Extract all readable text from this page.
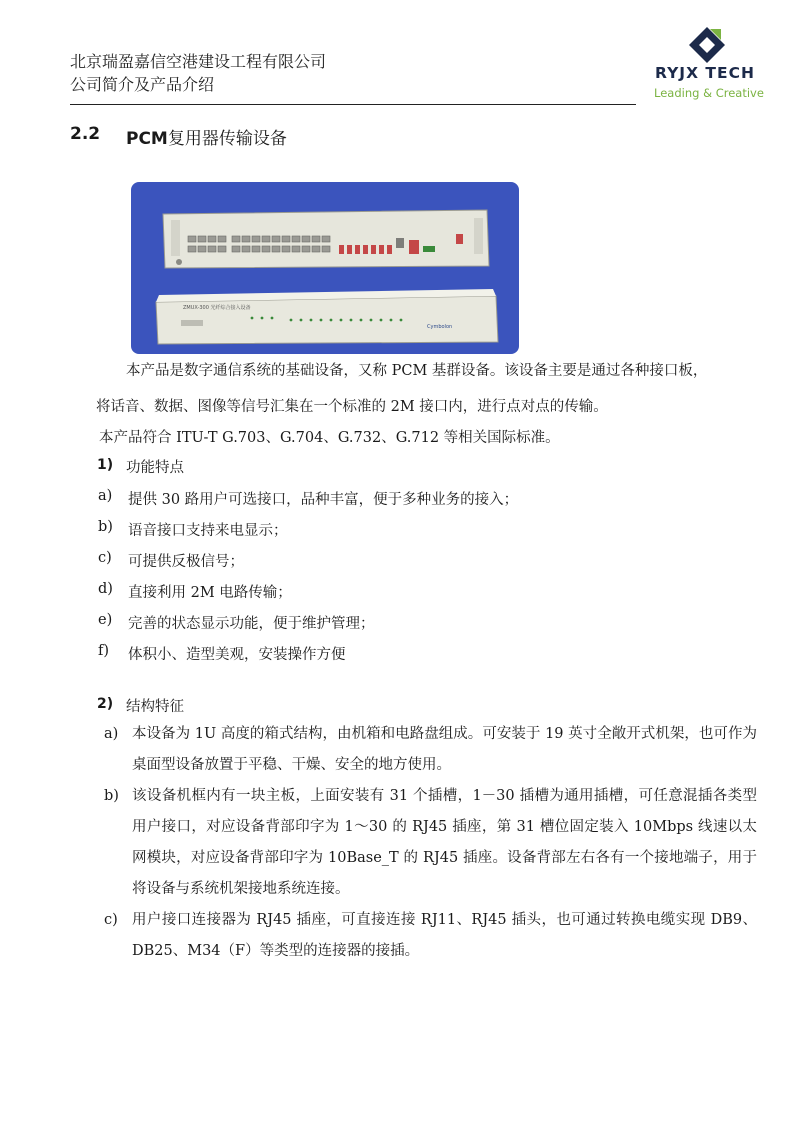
北京瑞盈嘉信空港建设工程有限公司
公司简介及产品介绍
RYJX TECH
Leading & Creative
2.2 PCM复用器传输设备
ZMUX-300 光纤综合接入设备
Cymbolon
本产品是数字通信系统的基础设备，又称 PCM 基群设备。该设备主要是通过各种接口板，
将话音、数据、图像等信号汇集在一个标准的 2M 接口内，进行点对点的传输。
本产品符合 ITU-T G.703、G.704、G.732、G.712 等相关国际标准。
1) 功能特点
a) 提供 30 路用户可选接口，品种丰富，便于多种业务的接入；
b) 语音接口支持来电显示；
c) 可提供反极信号；
d) 直接利用 2M 电路传输；
e) 完善的状态显示功能，便于维护管理；
f) 体积小、造型美观，安装操作方便
2) 结构特征
a) 本设备为 1U 高度的箱式结构，由机箱和电路盘组成。可安装于 19 英寸全敞开式机架，也可作为桌面型设备放置于平稳、干燥、安全的地方使用。
b) 该设备机框内有一块主板，上面安装有 31 个插槽，1－30 插槽为通用插槽，可任意混插各类型用户接口，对应设备背部印字为 1～30 的 RJ45 插座，第 31 槽位固定装入 10Mbps 线速以太网模块，对应设备背部印字为 10Base_T 的 RJ45 插座。设备背部左右各有一个接地端子，用于将设备与系统机架接地系统连接。
c) 用户接口连接器为 RJ45 插座，可直接连接 RJ11、RJ45 插头，也可通过转换电缆实现 DB9、DB25、M34（F）等类型的连接器的接插。
